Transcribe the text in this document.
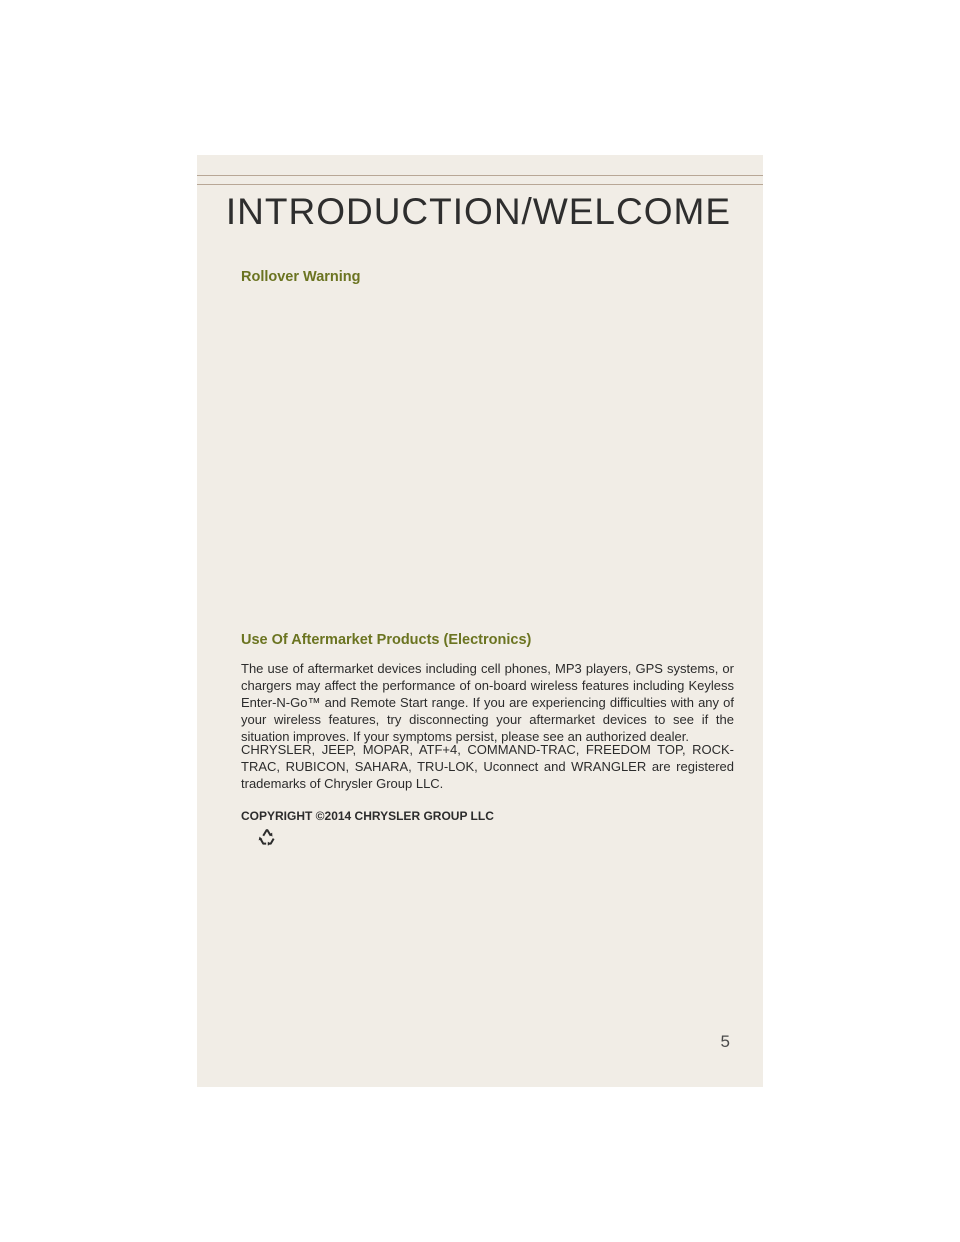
INTRODUCTION/WELCOME
Rollover Warning
Use Of Aftermarket Products (Electronics)
The use of aftermarket devices including cell phones, MP3 players, GPS systems, or chargers may affect the performance of on-board wireless features including Keyless Enter-N-Go™ and Remote Start range. If you are experiencing difficulties with any of your wireless features, try disconnecting your aftermarket devices to see if the situation improves. If your symptoms persist, please see an authorized dealer.
CHRYSLER, JEEP, MOPAR, ATF+4, COMMAND-TRAC, FREEDOM TOP, ROCK-TRAC, RUBICON, SAHARA, TRU-LOK, Uconnect and WRANGLER are registered trademarks of Chrysler Group LLC.
COPYRIGHT ©2014 CHRYSLER GROUP LLC
5
